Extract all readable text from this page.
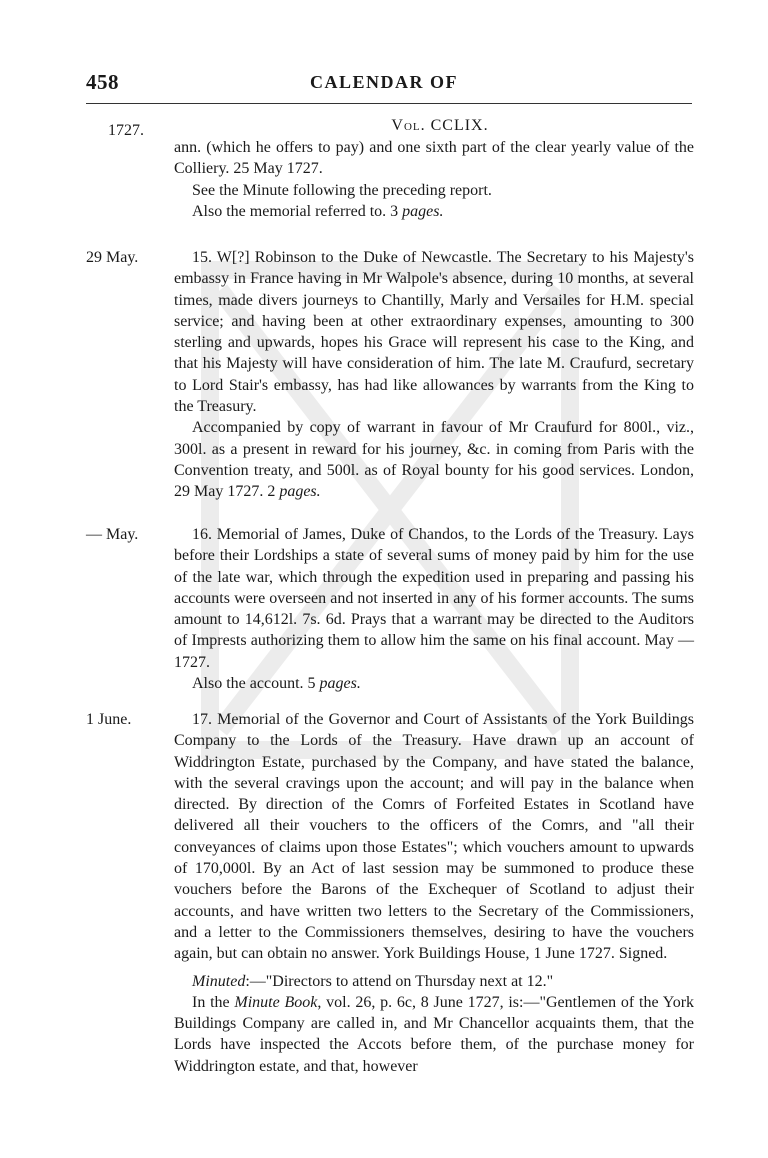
458	CALENDAR OF
1727.	Vol. CCLIX.

ann. (which he offers to pay) and one sixth part of the clear yearly value of the Colliery. 25 May 1727.

See the Minute following the preceding report.

Also the memorial referred to. 3 pages.

29 May.	15. W[?] Robinson to the Duke of Newcastle. The Secretary to his Majesty's embassy in France having in Mr Walpole's absence, during 10 months, at several times, made divers journeys to Chantilly, Marly and Versailes for H.M. special service; and having been at other extraordinary expenses, amounting to 300 sterling and upwards, hopes his Grace will represent his case to the King, and that his Majesty will have consideration of him. The late M. Craufurd, secretary to Lord Stair's embassy, has had like allowances by warrants from the King to the Treasury.

Accompanied by copy of warrant in favour of Mr Craufurd for 800l., viz., 300l. as a present in reward for his journey, &c. in coming from Paris with the Convention treaty, and 500l. as of Royal bounty for his good services. London, 29 May 1727. 2 pages.

— May.	16. Memorial of James, Duke of Chandos, to the Lords of the Treasury. Lays before their Lordships a state of several sums of money paid by him for the use of the late war, which through the expedition used in preparing and passing his accounts were overseen and not inserted in any of his former accounts. The sums amount to 14,612l. 7s. 6d. Prays that a warrant may be directed to the Auditors of Imprests authorizing them to allow him the same on his final account. May — 1727.

Also the account. 5 pages.

1 June.	17. Memorial of the Governor and Court of Assistants of the York Buildings Company to the Lords of the Treasury. Have drawn up an account of Widdrington Estate, purchased by the Company, and have stated the balance, with the several cravings upon the account; and will pay in the balance when directed. By direction of the Comrs of Forfeited Estates in Scotland have delivered all their vouchers to the officers of the Comrs, and "all their conveyances of claims upon those Estates"; which vouchers amount to upwards of 170,000l. By an Act of last session may be summoned to produce these vouchers before the Barons of the Exchequer of Scotland to adjust their accounts, and have written two letters to the Secretary of the Commissioners, and a letter to the Commissioners themselves, desiring to have the vouchers again, but can obtain no answer. York Buildings House, 1 June 1727. Signed.

Minuted:—"Directors to attend on Thursday next at 12."

In the Minute Book, vol. 26, p. 6c, 8 June 1727, is:—"Gentlemen of the York Buildings Company are called in, and Mr Chancellor acquaints them, that the Lords have inspected the Accots before them, of the purchase money for Widdrington estate, and that, however
